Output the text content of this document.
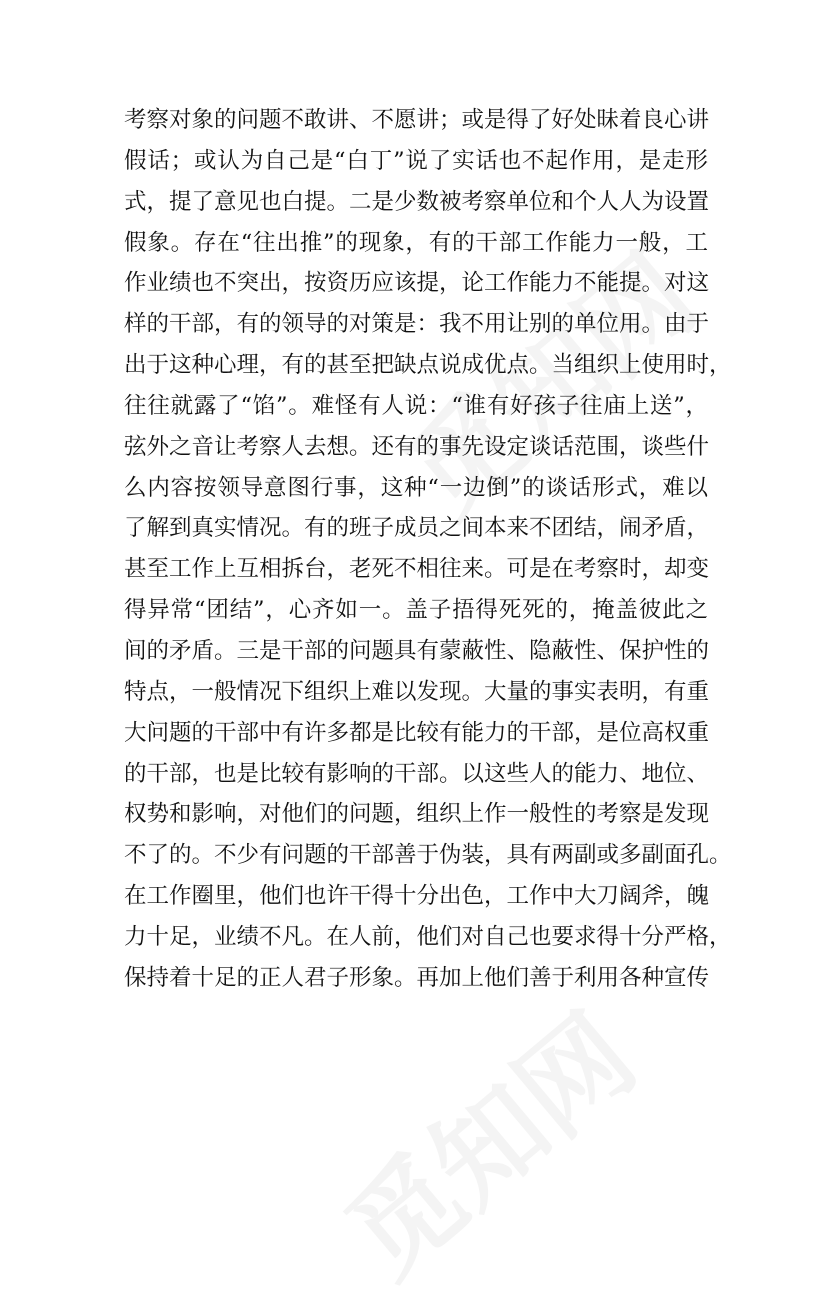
考察对象的问题不敢讲、不愿讲；或是得了好处昧着良心讲
假话；或认为自己是“白丁”说了实话也不起作用，是走形
式，提了意见也白提。二是少数被考察单位和个人人为设置
假象。存在“往出推”的现象，有的干部工作能力一般，工
作业绩也不突出，按资历应该提，论工作能力不能提。对这
样的干部，有的领导的对策是：我不用让别的单位用。由于
出于这种心理，有的甚至把缺点说成优点。当组织上使用时，
往往就露了“馅”。难怪有人说：“谁有好孩子往庙上送”，
弦外之音让考察人去想。还有的事先设定谈话范围，谈些什
么内容按领导意图行事，这种“一边倒”的谈话形式，难以
了解到真实情况。有的班子成员之间本来不团结，闹矛盾，
甚至工作上互相拆台，老死不相往来。可是在考察时，却变
得异常“团结”，心齐如一。盖子捂得死死的，掩盖彼此之
间的矛盾。三是干部的问题具有蒙蔽性、隐蔽性、保护性的
特点，一般情况下组织上难以发现。大量的事实表明，有重
大问题的干部中有许多都是比较有能力的干部，是位高权重
的干部，也是比较有影响的干部。以这些人的能力、地位、
权势和影响，对他们的问题，组织上作一般性的考察是发现
不了的。不少有问题的干部善于伪装，具有两副或多副面孔。
在工作圈里，他们也许干得十分出色，工作中大刀阔斧，魄
力十足，业绩不凡。在人前，他们对自己也要求得十分严格，
保持着十足的正人君子形象。再加上他们善于利用各种宣传
